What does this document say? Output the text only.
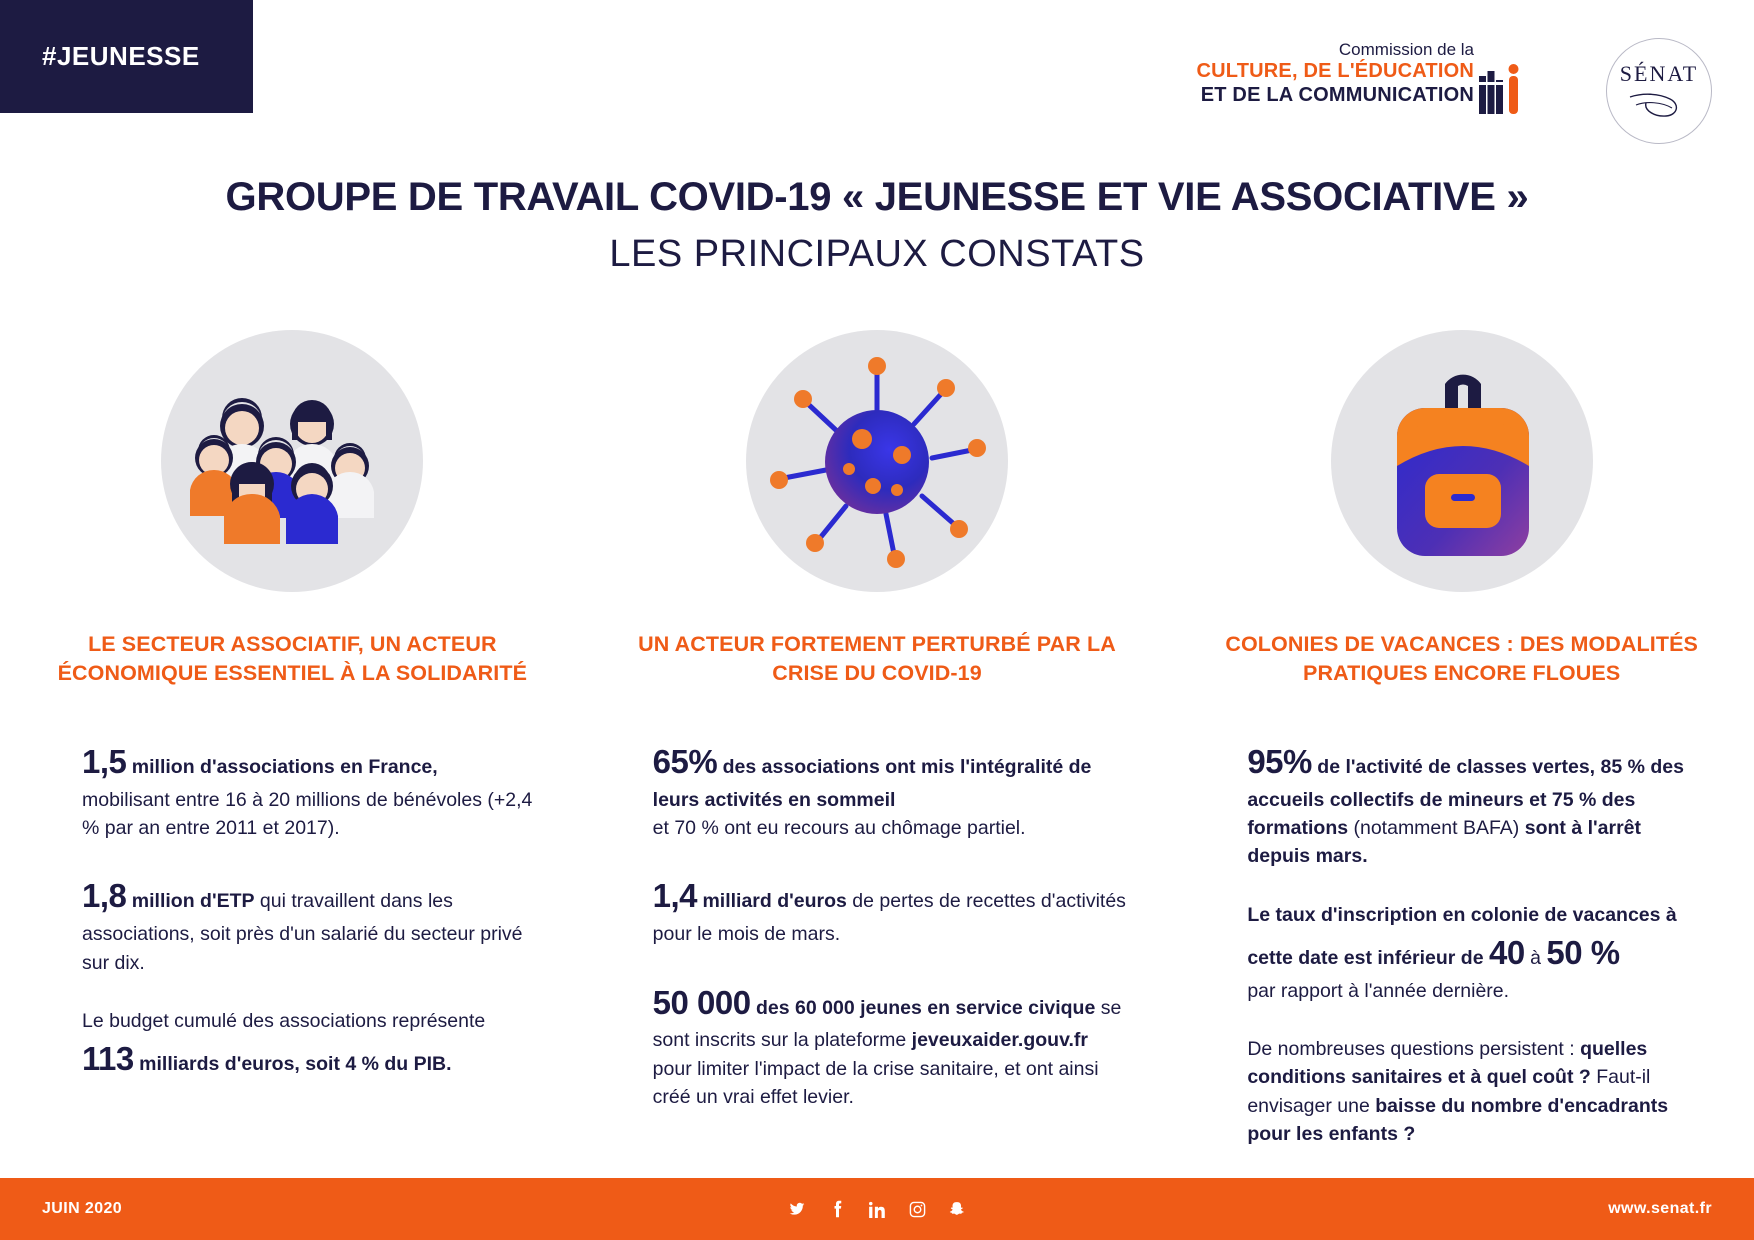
#JEUNESSE	Commission de la
CULTURE, DE L'ÉDUCATION
ET DE LA COMMUNICATION
SÉNAT
GROUPE DE TRAVAIL COVID-19 « JEUNESSE ET VIE ASSOCIATIVE »
LES PRINCIPAUX CONSTATS
LE SECTEUR ASSOCIATIF, UN ACTEUR ÉCONOMIQUE ESSENTIEL À LA SOLIDARITÉ
1,5 million d'associations en France,
mobilisant entre 16 à 20 millions de bénévoles (+2,4 % par an entre 2011 et 2017).
1,8 million d'ETP qui travaillent dans les associations, soit près d'un salarié du secteur privé sur dix.
Le budget cumulé des associations représente
113 milliards d'euros, soit 4 % du PIB.
UN ACTEUR FORTEMENT PERTURBÉ PAR LA CRISE DU COVID-19
65% des associations ont mis l'intégralité de leurs activités en sommeil
et 70 % ont eu recours au chômage partiel.
1,4 milliard d'euros de pertes de recettes d'activités pour le mois de mars.
50 000 des 60 000 jeunes en service civique se sont inscrits sur la plateforme jeveuxaider.gouv.fr pour limiter l'impact de la crise sanitaire, et ont ainsi créé un vrai effet levier.
COLONIES DE VACANCES : DES MODALITÉS PRATIQUES ENCORE FLOUES
95% de l'activité de classes vertes, 85 % des accueils collectifs de mineurs et 75 % des formations (notamment BAFA) sont à l'arrêt depuis mars.
Le taux d'inscription en colonie de vacances à cette date est inférieur de 40 à 50 %
par rapport à l'année dernière.
De nombreuses questions persistent : quelles conditions sanitaires et à quel coût ? Faut-il envisager une baisse du nombre d'encadrants pour les enfants ?
JUIN 2020	www.senat.fr
